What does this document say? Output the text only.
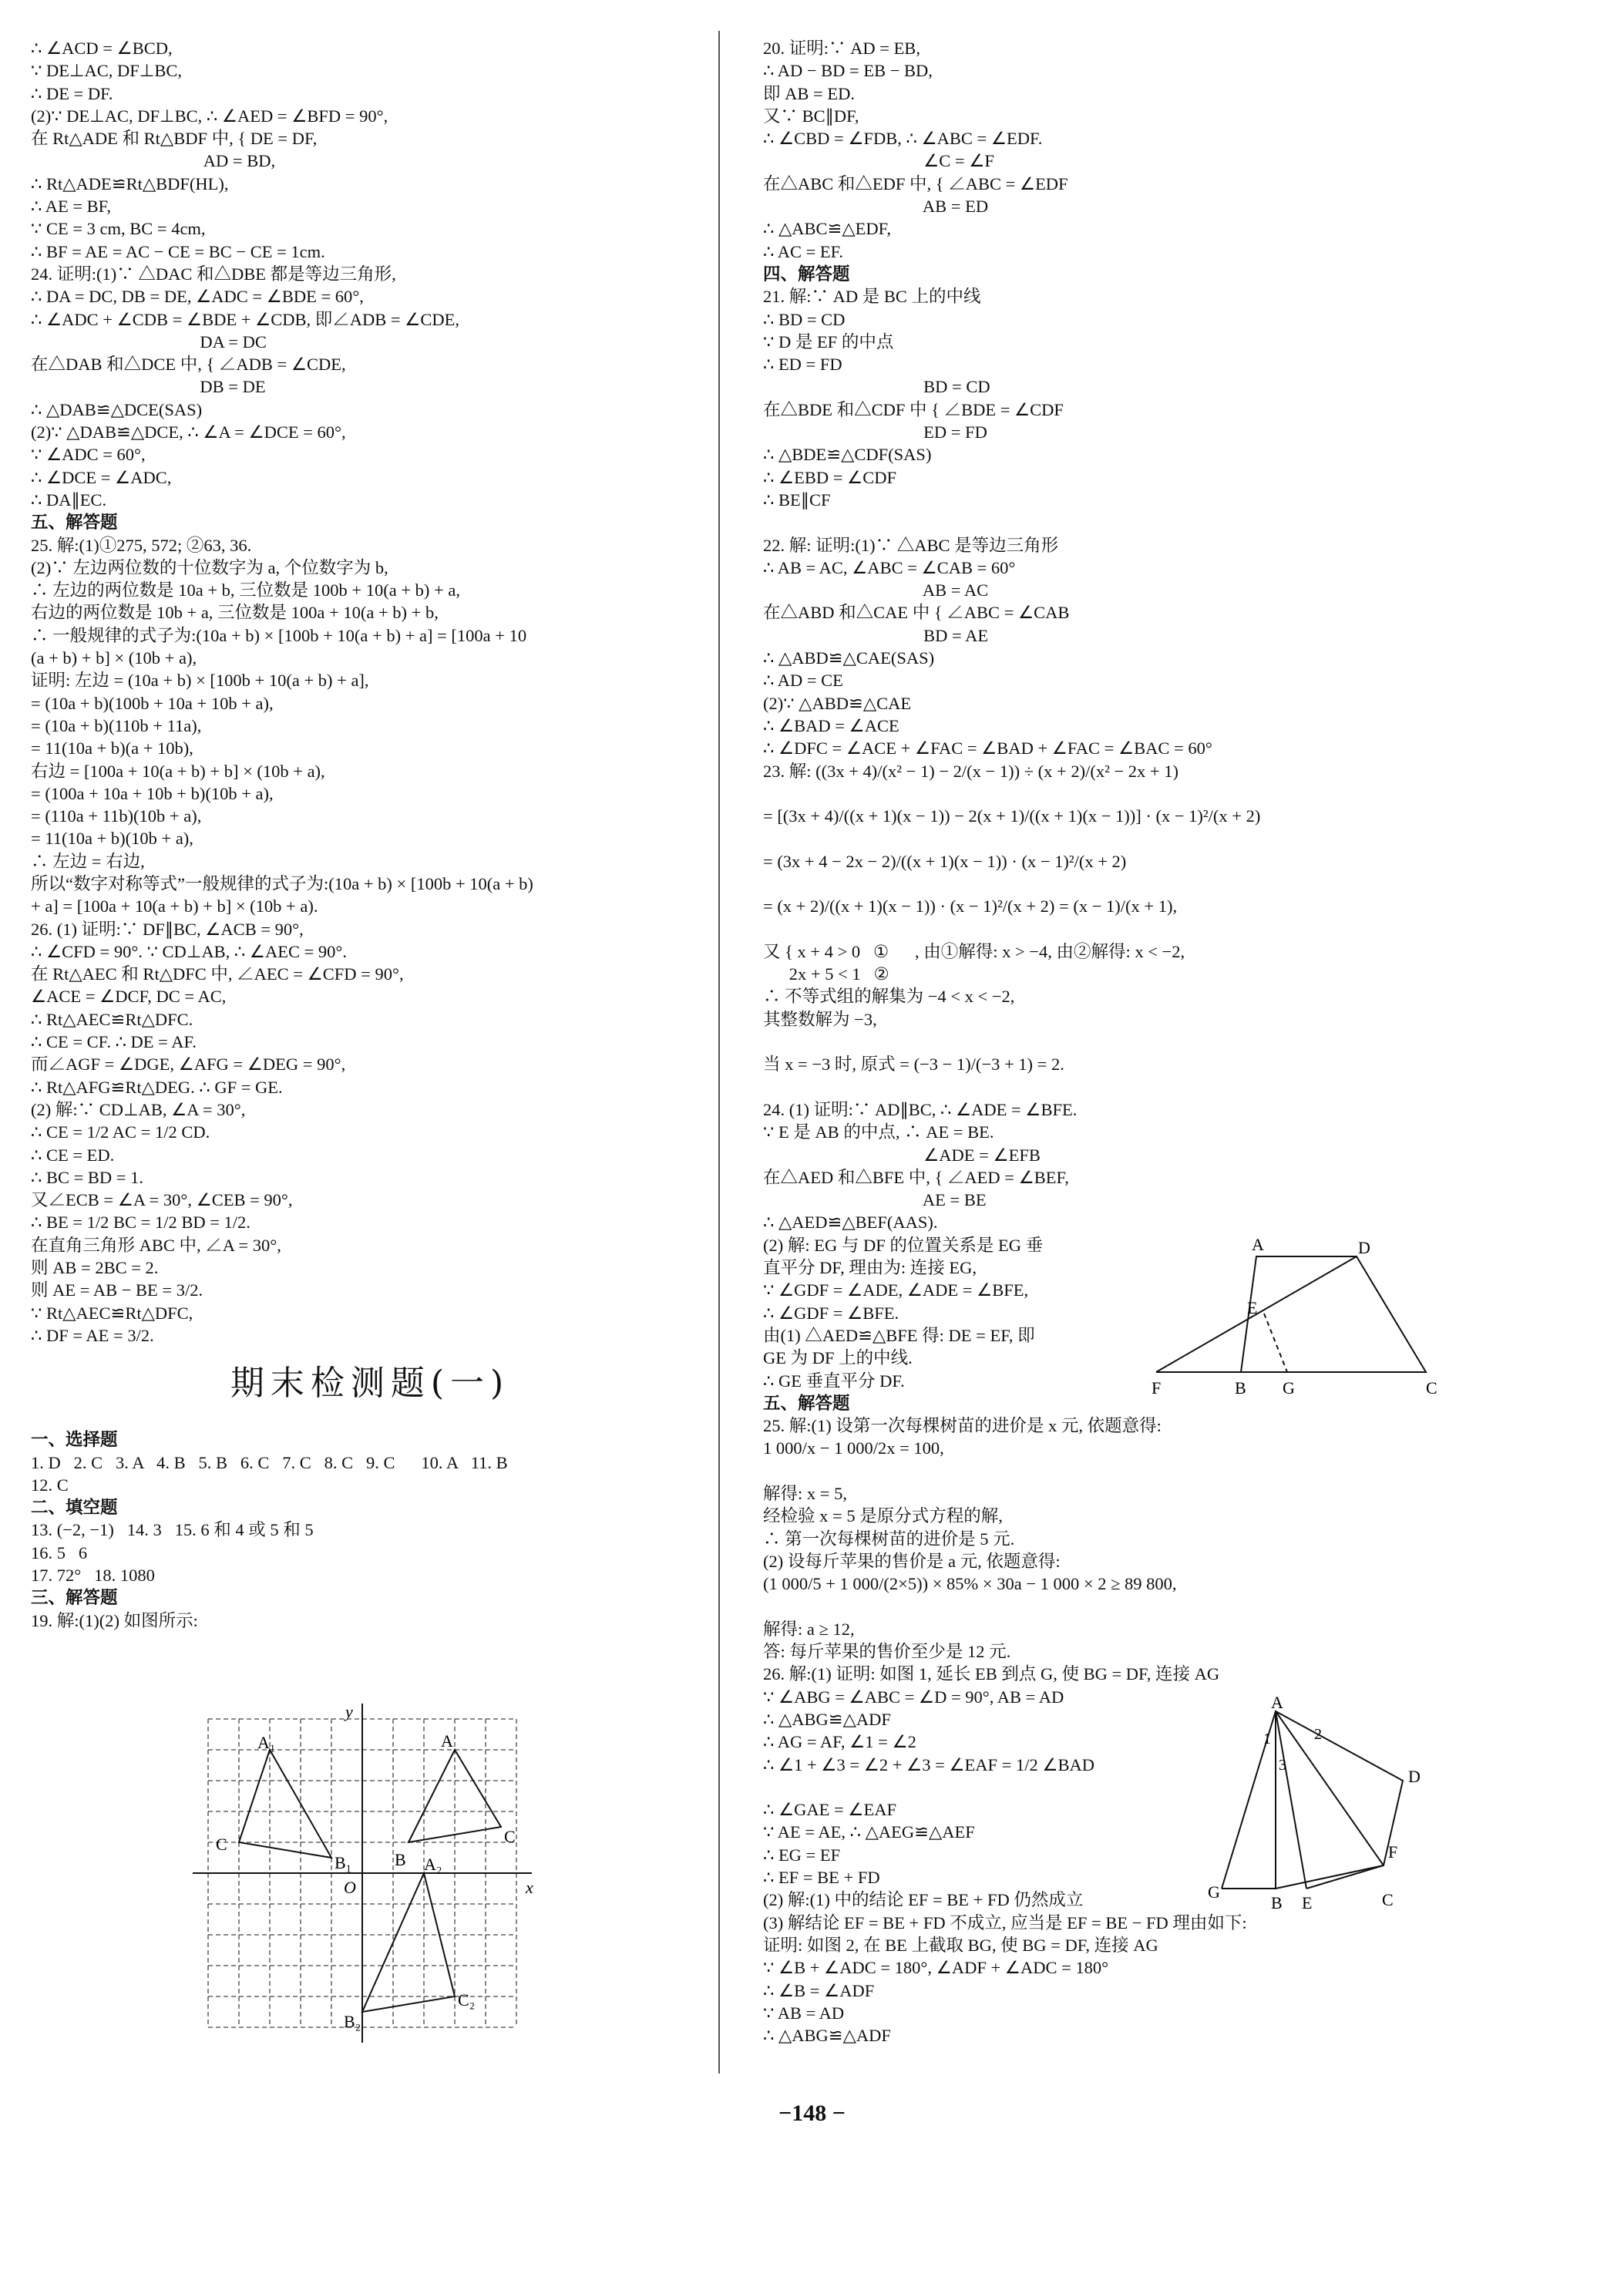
∴ ∠ACD = ∠BCD,
∵ DE⊥AC, DF⊥BC,
∴ DE = DF.
(2)∵ DE⊥AC, DF⊥BC, ∴ ∠AED = ∠BFD = 90°,
在 Rt△ADE 和 Rt△BDF 中, { DE = DF,
AD = BD,
∴ Rt△ADE≌Rt△BDF(HL),
∴ AE = BF,
∵ CE = 3 cm, BC = 4cm,
∴ BF = AE = AC − CE = BC − CE = 1cm.
24. 证明:(1)∵ △DAC 和△DBE 都是等边三角形,
∴ DA = DC, DB = DE, ∠ADC = ∠BDE = 60°,
∴ ∠ADC + ∠CDB = ∠BDE + ∠CDB, 即∠ADB = ∠CDE,
DA = DC
在△DAB 和△DCE 中, { ∠ADB = ∠CDE,
DB = DE
∴ △DAB≌△DCE(SAS)
(2)∵ △DAB≌△DCE, ∴ ∠A = ∠DCE = 60°,
∵ ∠ADC = 60°,
∴ ∠DCE = ∠ADC,
∴ DA∥EC.
五、解答题
25. 解:(1)①275, 572; ②63, 36.
(2)∵ 左边两位数的十位数字为 a, 个位数字为 b,
∴ 左边的两位数是 10a + b, 三位数是 100b + 10(a + b) + a,
右边的两位数是 10b + a, 三位数是 100a + 10(a + b) + b,
∴ 一般规律的式子为:(10a + b) × [100b + 10(a + b) + a] = [100a + 10
(a + b) + b] × (10b + a),
证明: 左边 = (10a + b) × [100b + 10(a + b) + a],
= (10a + b)(100b + 10a + 10b + a),
= (10a + b)(110b + 11a),
= 11(10a + b)(a + 10b),
右边 = [100a + 10(a + b) + b] × (10b + a),
= (100a + 10a + 10b + b)(10b + a),
= (110a + 11b)(10b + a),
= 11(10a + b)(10b + a),
∴ 左边 = 右边,
所以“数字对称等式”一般规律的式子为:(10a + b) × [100b + 10(a + b)
+ a] = [100a + 10(a + b) + b] × (10b + a).
26. (1) 证明:∵ DF∥BC, ∠ACB = 90°,
∴ ∠CFD = 90°. ∵ CD⊥AB, ∴ ∠AEC = 90°.
在 Rt△AEC 和 Rt△DFC 中, ∠AEC = ∠CFD = 90°,
∠ACE = ∠DCF, DC = AC,
∴ Rt△AEC≌Rt△DFC.
∴ CE = CF. ∴ DE = AF.
而∠AGF = ∠DGE, ∠AFG = ∠DEG = 90°,
∴ Rt△AFG≌Rt△DEG. ∴ GF = GE.
(2) 解:∵ CD⊥AB, ∠A = 30°,
∴ CE = 1/2 AC = 1/2 CD.
∴ CE = ED.
∴ BC = BD = 1.
又∠ECB = ∠A = 30°, ∠CEB = 90°,
∴ BE = 1/2 BC = 1/2 BD = 1/2.
在直角三角形 ABC 中, ∠A = 30°,
则 AB = 2BC = 2.
则 AE = AB − BE = 3/2.
∵ Rt△AEC≌Rt△DFC,
∴ DF = AE = 3/2.
期末检测题(一)
一、选择题
1. D   2. C   3. A   4. B   5. B   6. C   7. C   8. C   9. C      10. A   11. B
12. C
二、填空题
13. (−2, −1)   14. 3   15. 6 和 4 或 5 和 5
16. 5   6
17. 72°   18. 1080
三、解答题
19. 解:(1)(2) 如图所示:
20. 证明:∵ AD = EB,
∴ AD − BD = EB − BD,
即 AB = ED.
又∵ BC∥DF,
∴ ∠CBD = ∠FDB, ∴ ∠ABC = ∠EDF.
∠C = ∠F
在△ABC 和△EDF 中, { ∠ABC = ∠EDF
AB = ED
∴ △ABC≌△EDF,
∴ AC = EF.
四、解答题
21. 解:∵ AD 是 BC 上的中线
∴ BD = CD
∵ D 是 EF 的中点
∴ ED = FD
BD = CD
在△BDE 和△CDF 中 { ∠BDE = ∠CDF
ED = FD
∴ △BDE≌△CDF(SAS)
∴ ∠EBD = ∠CDF
∴ BE∥CF
22. 解: 证明:(1)∵ △ABC 是等边三角形
∴ AB = AC, ∠ABC = ∠CAB = 60°
AB = AC
在△ABD 和△CAE 中 { ∠ABC = ∠CAB
BD = AE
∴ △ABD≌△CAE(SAS)
∴ AD = CE
(2)∵ △ABD≌△CAE
∴ ∠BAD = ∠ACE
∴ ∠DFC = ∠ACE + ∠FAC = ∠BAD + ∠FAC = ∠BAC = 60°
23. 解: ((3x + 4)/(x² − 1) − 2/(x − 1)) ÷ (x + 2)/(x² − 2x + 1)
= [(3x + 4)/((x + 1)(x − 1)) − 2(x + 1)/((x + 1)(x − 1))] · (x − 1)²/(x + 2)
= (3x + 4 − 2x − 2)/((x + 1)(x − 1)) · (x − 1)²/(x + 2)
= (x + 2)/((x + 1)(x − 1)) · (x − 1)²/(x + 2) = (x − 1)/(x + 1),
又 { x + 4 > 0   ①      , 由①解得: x > −4, 由②解得: x < −2,
2x + 5 < 1   ②
∴ 不等式组的解集为 −4 < x < −2,
其整数解为 −3,
当 x = −3 时, 原式 = (−3 − 1)/(−3 + 1) = 2.
24. (1) 证明:∵ AD∥BC, ∴ ∠ADE = ∠BFE.
∵ E 是 AB 的中点, ∴ AE = BE.
∠ADE = ∠EFB
在△AED 和△BFE 中, { ∠AED = ∠BEF,
AE = BE
∴ △AED≌△BEF(AAS).
(2) 解: EG 与 DF 的位置关系是 EG 垂
直平分 DF, 理由为: 连接 EG,
∵ ∠GDF = ∠ADE, ∠ADE = ∠BFE,
∴ ∠GDF = ∠BFE.
由(1) △AED≌△BFE 得: DE = EF, 即
GE 为 DF 上的中线.
∴ GE 垂直平分 DF.
五、解答题
25. 解:(1) 设第一次每棵树苗的进价是 x 元, 依题意得:
1 000/x − 1 000/2x = 100,
解得: x = 5,
经检验 x = 5 是原分式方程的解,
∴ 第一次每棵树苗的进价是 5 元.
(2) 设每斤苹果的售价是 a 元, 依题意得:
(1 000/5 + 1 000/(2×5)) × 85% × 30a − 1 000 × 2 ≥ 89 800,
解得: a ≥ 12,
答: 每斤苹果的售价至少是 12 元.
26. 解:(1) 证明: 如图 1, 延长 EB 到点 G, 使 BG = DF, 连接 AG
∵ ∠ABG = ∠ABC = ∠D = 90°, AB = AD
∴ △ABG≌△ADF
∴ AG = AF, ∠1 = ∠2
∴ ∠1 + ∠3 = ∠2 + ∠3 = ∠EAF = 1/2 ∠BAD
∴ ∠GAE = ∠EAF
∵ AE = AE, ∴ △AEG≌△AEF
∴ EG = EF
∴ EF = BE + FD
(2) 解:(1) 中的结论 EF = BE + FD 仍然成立
(3) 解结论 EF = BE + FD 不成立, 应当是 EF = BE − FD 理由如下:
证明: 如图 2, 在 BE 上截取 BG, 使 BG = DF, 连接 AG
∵ ∠B + ∠ADC = 180°, ∠ADF + ∠ADC = 180°
∴ ∠B = ∠ADF
∵ AB = AD
∴ △ABG≌△ADF
A₁
C
B₁
A
C
B A₂
B₂
C₂
O	x
y
A	D
E
F	B G	C
A
D
F
G
B E	C
1	2
3
−148 −
